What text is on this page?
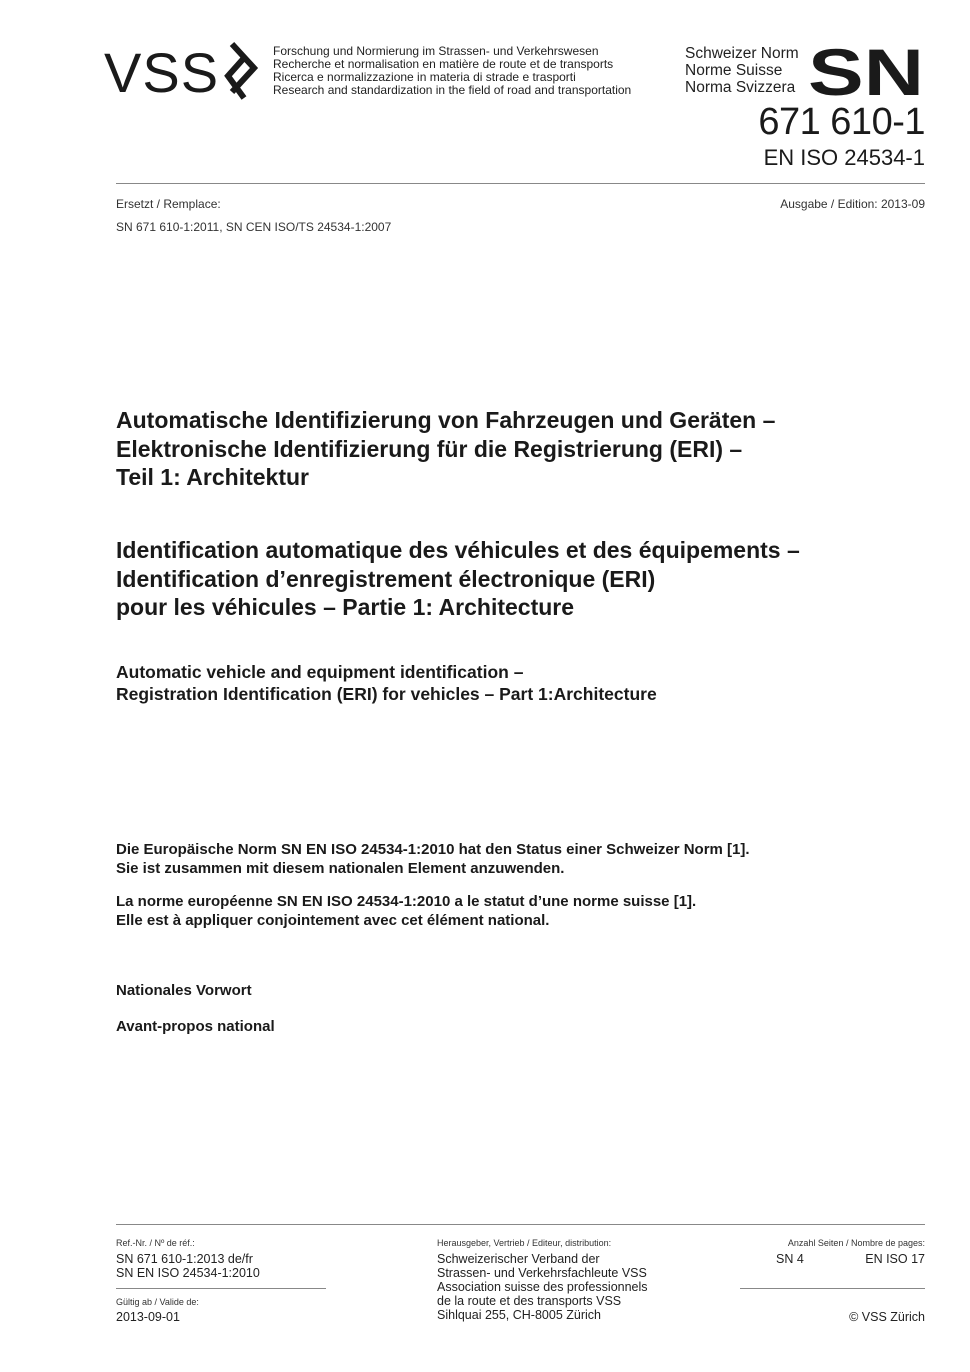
VSS	Forschung und Normierung im Strassen- und Verkehrswesen
Recherche et normalisation en matière de route et de transports
Ricerca e normalizzazione in materia di strade e trasporti
Research and standardization in the field of road and transportation
Schweizer Norm
Norme Suisse
Norma Svizzera SN
671 610-1
EN ISO 24534-1
Ersetzt / Remplace:
SN 671 610-1:2011, SN CEN ISO/TS 24534-1:2007
Ausgabe / Edition: 2013-09
Automatische Identifizierung von Fahrzeugen und Geräten –
Elektronische Identifizierung für die Registrierung (ERI) –
Teil 1: Architektur
Identification automatique des véhicules et des équipements –
Identification d’enregistrement électronique (ERI)
pour les véhicules – Partie 1: Architecture
Automatic vehicle and equipment identification –
Registration Identification (ERI) for vehicles – Part 1:Architecture
Die Europäische Norm SN EN ISO 24534-1:2010 hat den Status einer Schweizer Norm [1].
Sie ist zusammen mit diesem nationalen Element anzuwenden.
La norme européenne SN EN ISO 24534-1:2010 a le statut d’une norme suisse [1].
Elle est à appliquer conjointement avec cet élément national.
Nationales Vorwort
Avant-propos national
Ref.-Nr. / Nº de réf.:
SN 671 610-1:2013 de/fr
SN EN ISO 24534-1:2010
Gültig ab / Valide de:
2013-09-01
Herausgeber, Vertrieb / Editeur, distribution:
Schweizerischer Verband der
Strassen- und Verkehrsfachleute VSS
Association suisse des professionnels
de la route et des transports VSS
Sihlquai 255, CH-8005 Zürich
Anzahl Seiten / Nombre de pages:
SN 4	EN ISO 17
© VSS Zürich
